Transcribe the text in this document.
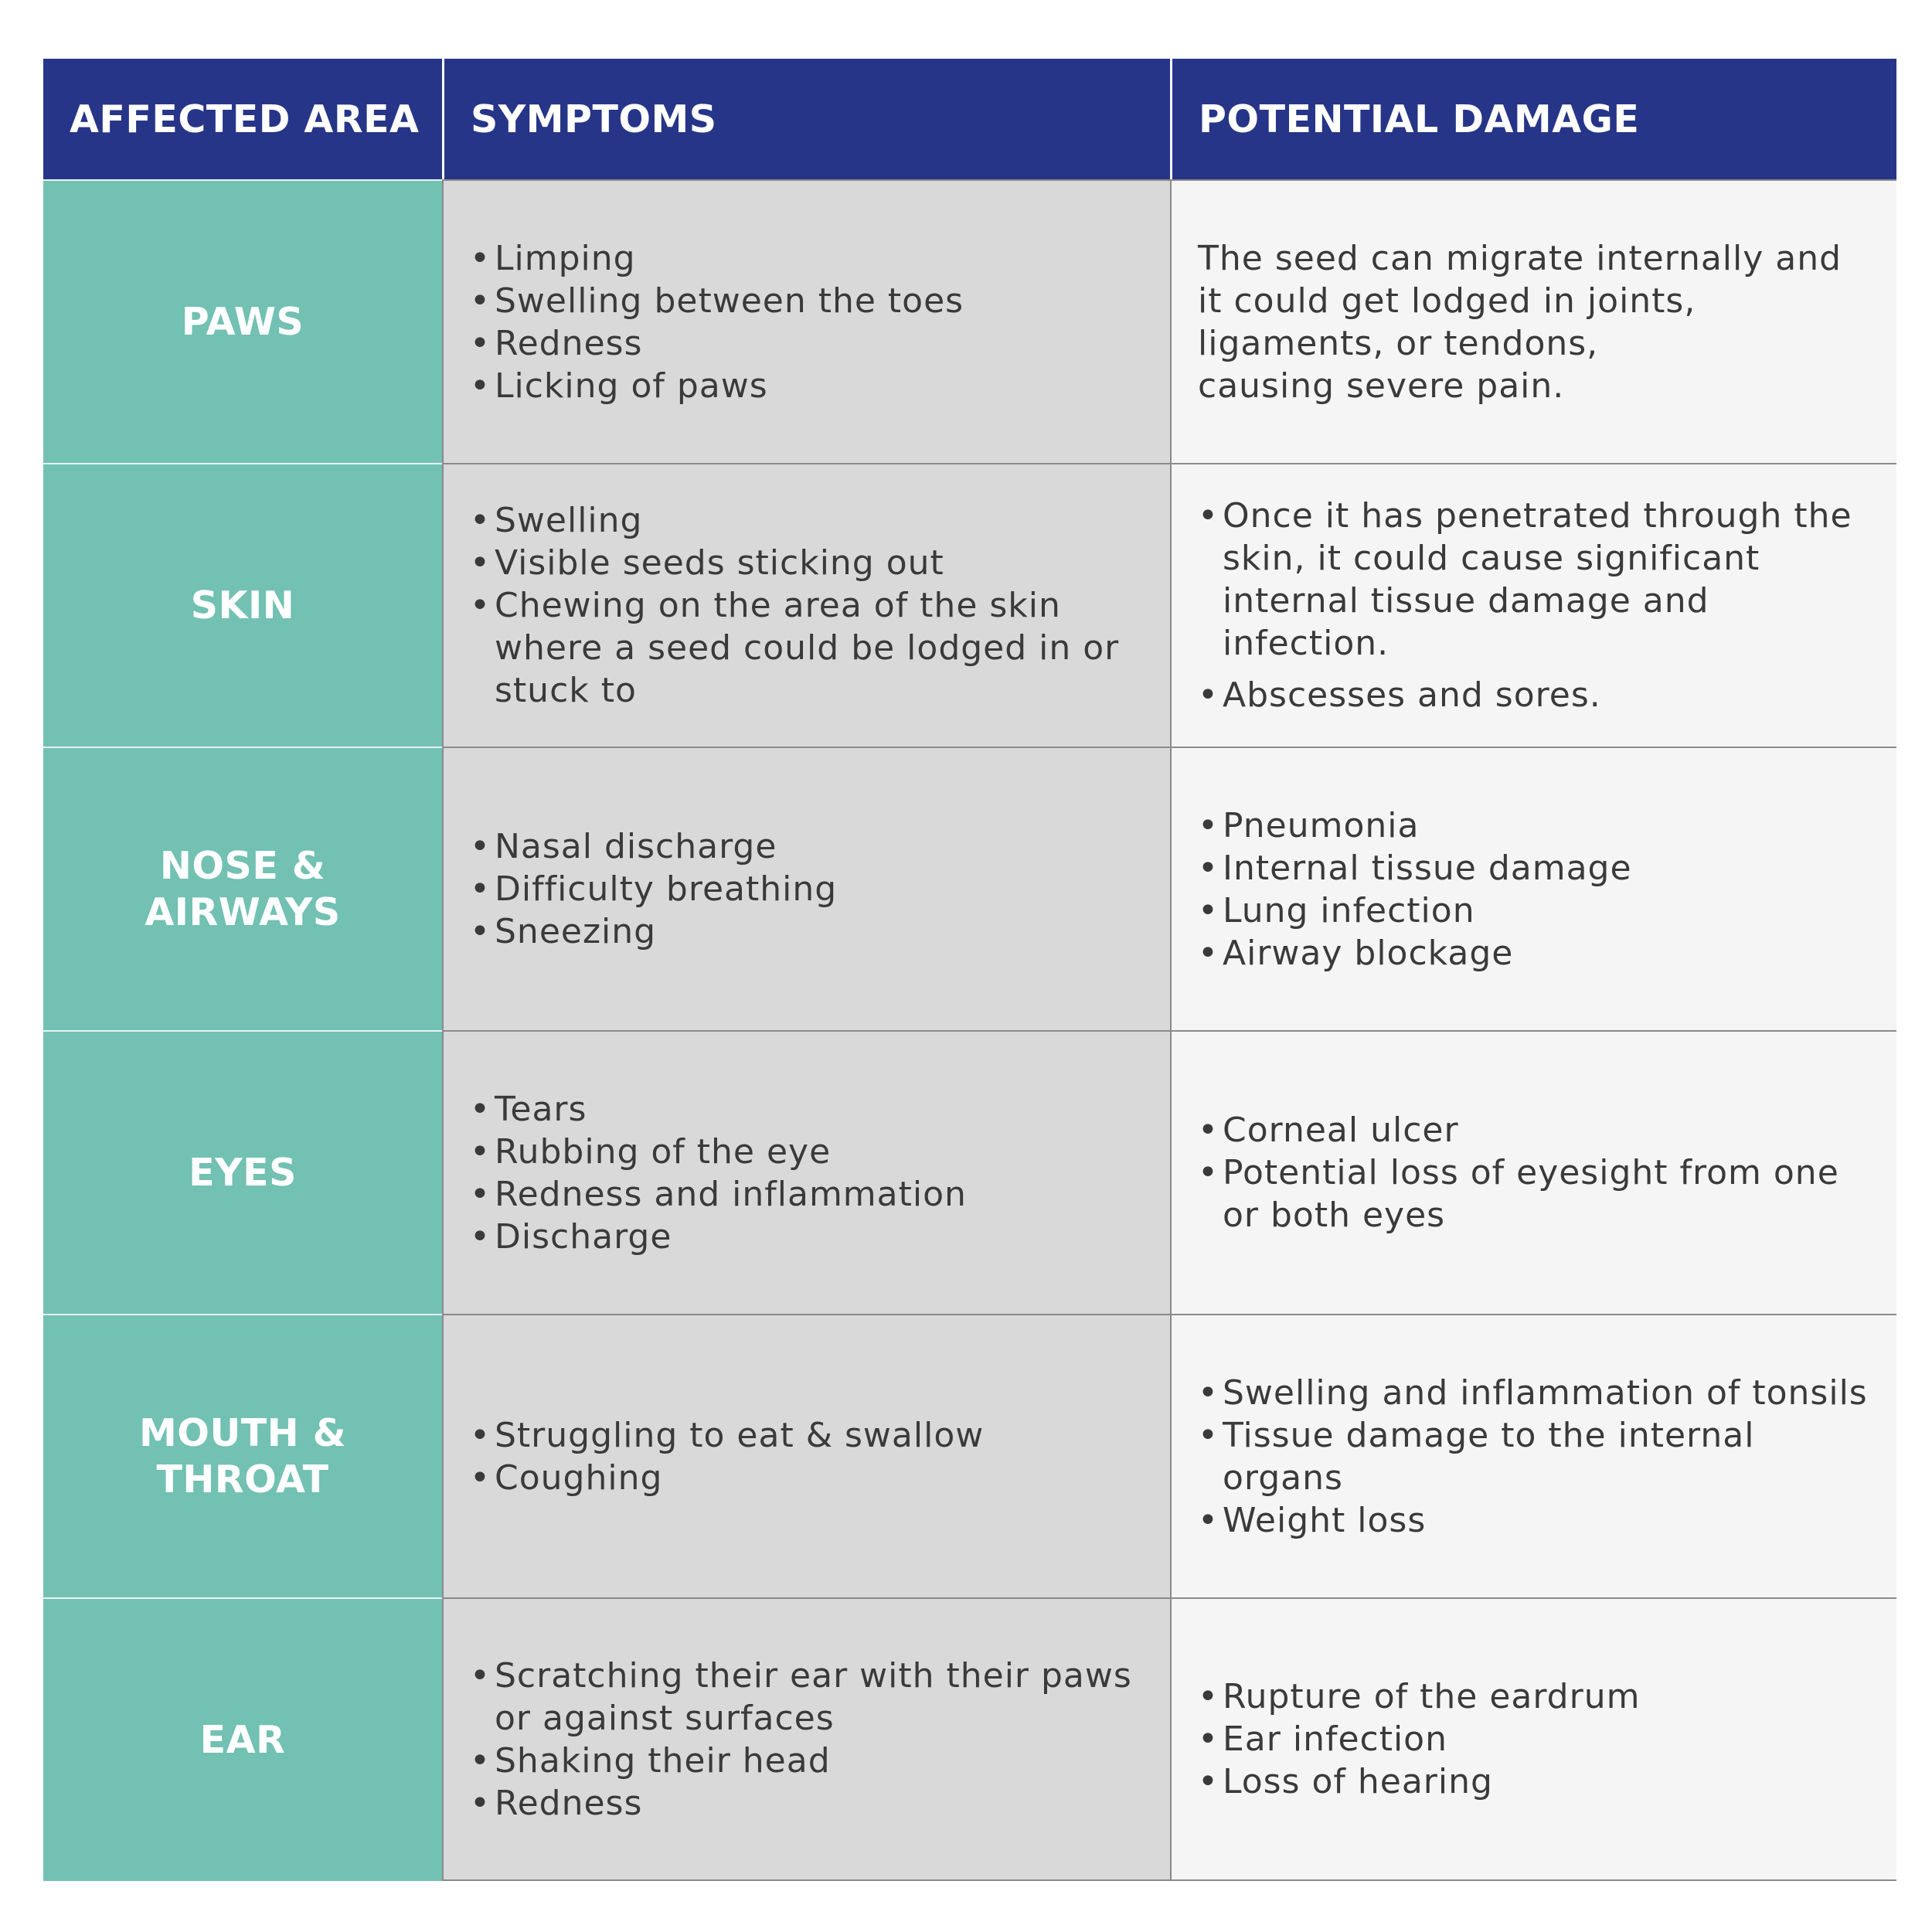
AFFECTED AREA	SYMPTOMS	POTENTIAL DAMAGE
PAWS
• Limping
• Swelling between the toes
• Redness
• Licking of paws

The seed can migrate internally and
it could get lodged in joints,
ligaments, or tendons,
causing severe pain.

SKIN
• Swelling
• Visible seeds sticking out
• Chewing on the area of the skin where a seed could be lodged in or stuck to
• Once it has penetrated through the skin, it could cause significant internal tissue damage and infection.
• Abscesses and sores.
NOSE &
AIRWAYS
• Nasal discharge
• Difficulty breathing
• Sneezing
• Pneumonia
• Internal tissue damage
• Lung infection
• Airway blockage
EYES
• Tears
• Rubbing of the eye
• Redness and inflammation
• Discharge
• Corneal ulcer
• Potential loss of eyesight from one or both eyes
MOUTH &
THROAT
• Struggling to eat & swallow
• Coughing
• Swelling and inflammation of tonsils
• Tissue damage to the internal organs
• Weight loss
EAR
• Scratching their ear with their paws or against surfaces
• Shaking their head
• Redness
• Rupture of the eardrum
• Ear infection
• Loss of hearing
